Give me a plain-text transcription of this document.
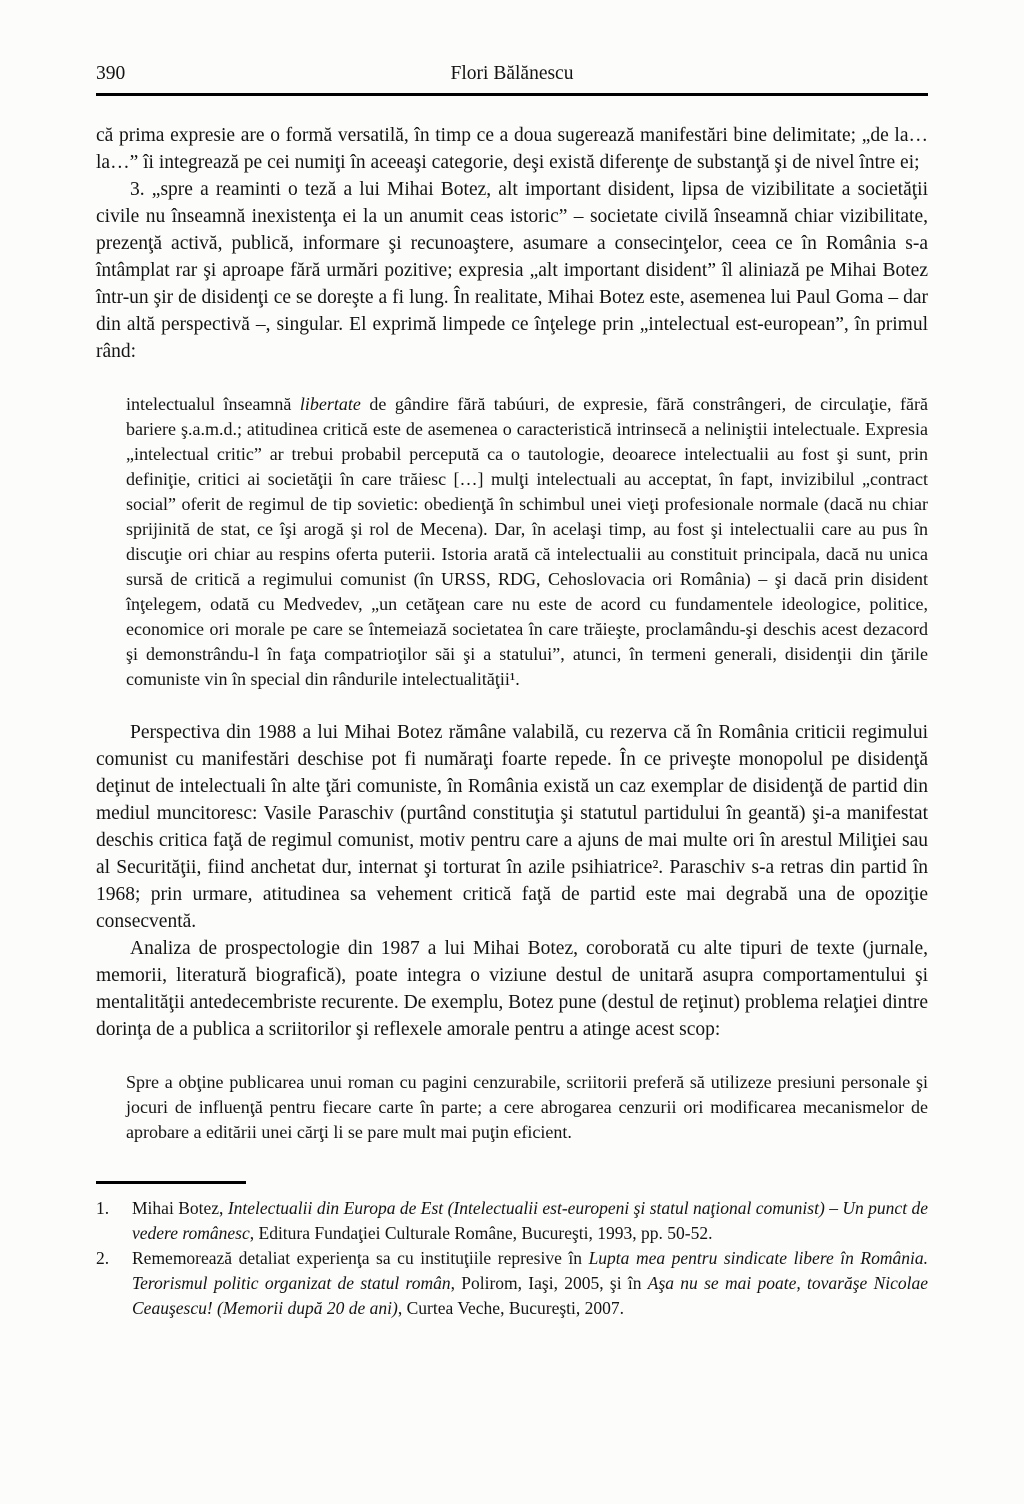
390	Flori Bălănescu

că prima expresie are o formă versatilă, în timp ce a doua sugerează manifestări bine delimitate; „de la… la…” îi integrează pe cei numiţi în aceeaşi categorie, deşi există diferenţe de substanţă şi de nivel între ei;

3. „spre a reaminti o teză a lui Mihai Botez, alt important disident, lipsa de vizibilitate a societăţii civile nu înseamnă inexistenţa ei la un anumit ceas istoric” – societate civilă înseamnă chiar vizibilitate, prezenţă activă, publică, informare şi recunoaştere, asumare a consecinţelor, ceea ce în România s-a întâmplat rar şi aproape fără urmări pozitive; expresia „alt important disident” îl aliniază pe Mihai Botez într-un şir de disidenţi ce se doreşte a fi lung. În realitate, Mihai Botez este, asemenea lui Paul Goma – dar din altă perspectivă –, singular. El exprimă limpede ce înţelege prin „intelectual est-european”, în primul rând:

intelectualul înseamnă libertate de gândire fără tabúuri, de expresie, fără constrângeri, de circulaţie, fără bariere ş.a.m.d.; atitudinea critică este de asemenea o caracteristică intrinsecă a neliniştii intelectuale. Expresia „intelectual critic” ar trebui probabil percepută ca o tautologie, deoarece intelectualii au fost şi sunt, prin definiţie, critici ai societăţii în care trăiesc […] mulţi intelectuali au acceptat, în fapt, invizibilul „contract social” oferit de regimul de tip sovietic: obedienţă în schimbul unei vieţi profesionale normale (dacă nu chiar sprijinită de stat, ce îşi arogă şi rol de Mecena). Dar, în acelaşi timp, au fost şi intelectualii care au pus în discuţie ori chiar au respins oferta puterii. Istoria arată că intelectualii au constituit principala, dacă nu unica sursă de critică a regimului comunist (în URSS, RDG, Cehoslovacia ori România) – şi dacă prin disident înţelegem, odată cu Medvedev, „un cetăţean care nu este de acord cu fundamentele ideologice, politice, economice ori morale pe care se întemeiază societatea în care trăieşte, proclamându-şi deschis acest dezacord şi demonstrându-l în faţa compatrioţilor săi şi a statului”, atunci, în termeni generali, disidenţii din ţările comuniste vin în special din rândurile intelectualităţii¹.

Perspectiva din 1988 a lui Mihai Botez rămâne valabilă, cu rezerva că în România criticii regimului comunist cu manifestări deschise pot fi număraţi foarte repede. În ce priveşte monopolul pe disidenţă deţinut de intelectuali în alte ţări comuniste, în România există un caz exemplar de disidenţă de partid din mediul muncitoresc: Vasile Paraschiv (purtând constituţia şi statutul partidului în geantă) şi-a manifestat deschis critica faţă de regimul comunist, motiv pentru care a ajuns de mai multe ori în arestul Miliţiei sau al Securităţii, fiind anchetat dur, internat şi torturat în azile psihiatrice². Paraschiv s-a retras din partid în 1968; prin urmare, atitudinea sa vehement critică faţă de partid este mai degrabă una de opoziţie consecventă.

Analiza de prospectologie din 1987 a lui Mihai Botez, coroborată cu alte tipuri de texte (jurnale, memorii, literatură biografică), poate integra o viziune destul de unitară asupra comportamentului şi mentalităţii antedecembriste recurente. De exemplu, Botez pune (destul de reţinut) problema relaţiei dintre dorinţa de a publica a scriitorilor şi reflexele amorale pentru a atinge acest scop:

Spre a obţine publicarea unui roman cu pagini cenzurabile, scriitorii preferă să utilizeze presiuni personale şi jocuri de influenţă pentru fiecare carte în parte; a cere abrogarea cenzurii ori modificarea mecanismelor de aprobare a editării unei cărţi li se pare mult mai puţin eficient.
1. Mihai Botez, Intelectualii din Europa de Est (Intelectualii est-europeni şi statul naţional comunist) – Un punct de vedere românesc, Editura Fundaţiei Culturale Române, Bucureşti, 1993, pp. 50-52.
2. Rememorează detaliat experienţa sa cu instituţiile represive în Lupta mea pentru sindicate libere în România. Terorismul politic organizat de statul român, Polirom, Iaşi, 2005, şi în Aşa nu se mai poate, tovarăşe Nicolae Ceauşescu! (Memorii după 20 de ani), Curtea Veche, Bucureşti, 2007.
